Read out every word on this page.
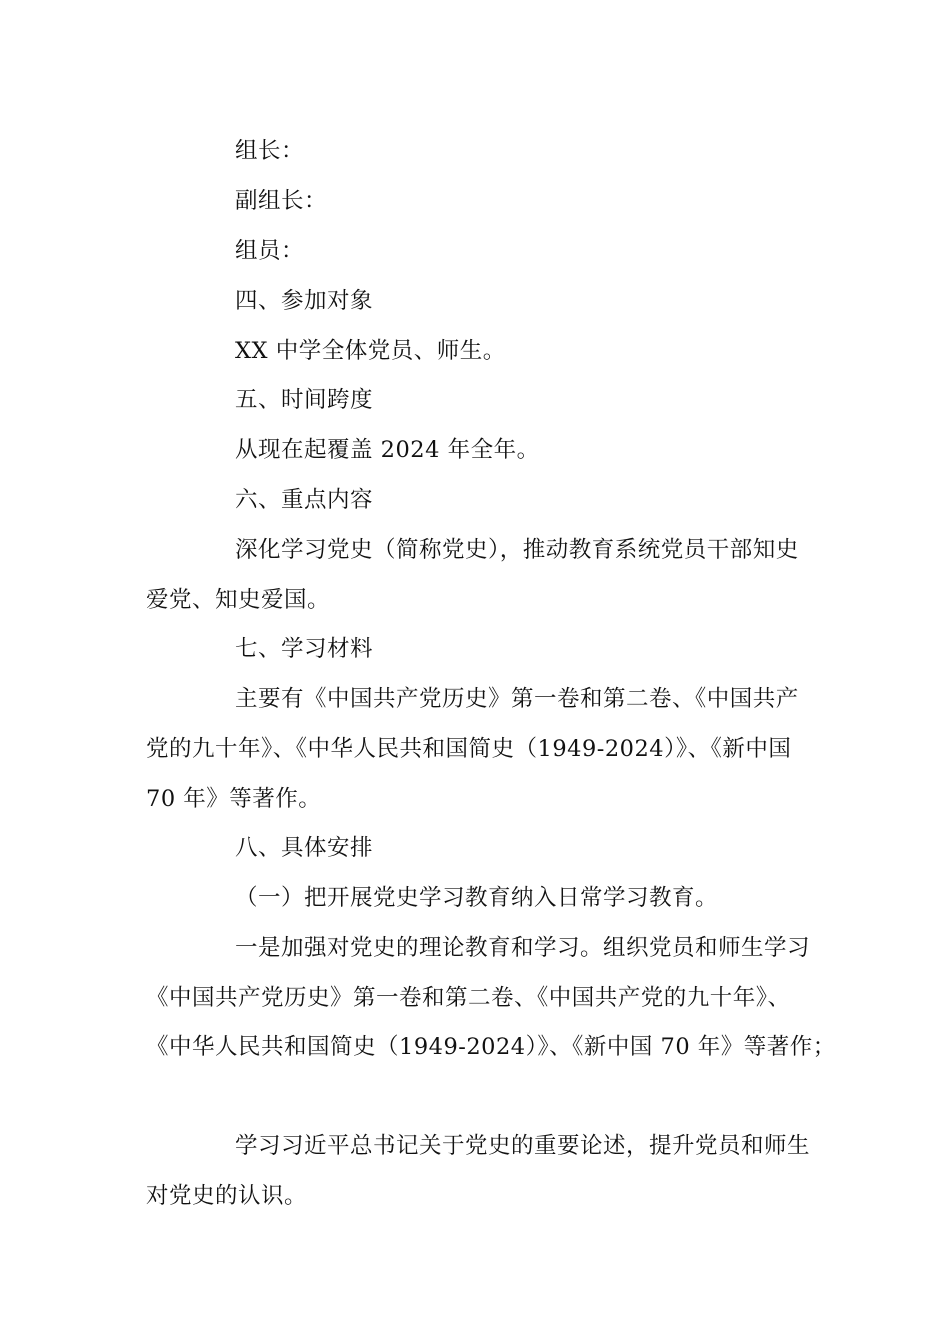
组长：
副组长：
组员：
四、参加对象
XX 中学全体党员、师生。
五、时间跨度
从现在起覆盖 2024 年全年。
六、重点内容
深化学习党史（简称党史），推动教育系统党员干部知史
爱党、知史爱国。
七、学习材料
主要有《中国共产党历史》第一卷和第二卷、《中国共产
党的九十年》、《中华人民共和国简史（1949-2024）》、《新中国
70 年》等著作。
八、具体安排
（一）把开展党史学习教育纳入日常学习教育。
一是加强对党史的理论教育和学习。组织党员和师生学习
《中国共产党历史》第一卷和第二卷、《中国共产党的九十年》、
《中华人民共和国简史（1949-2024）》、《新中国 70 年》等著作；
学习习近平总书记关于党史的重要论述，提升党员和师生
对党史的认识。
